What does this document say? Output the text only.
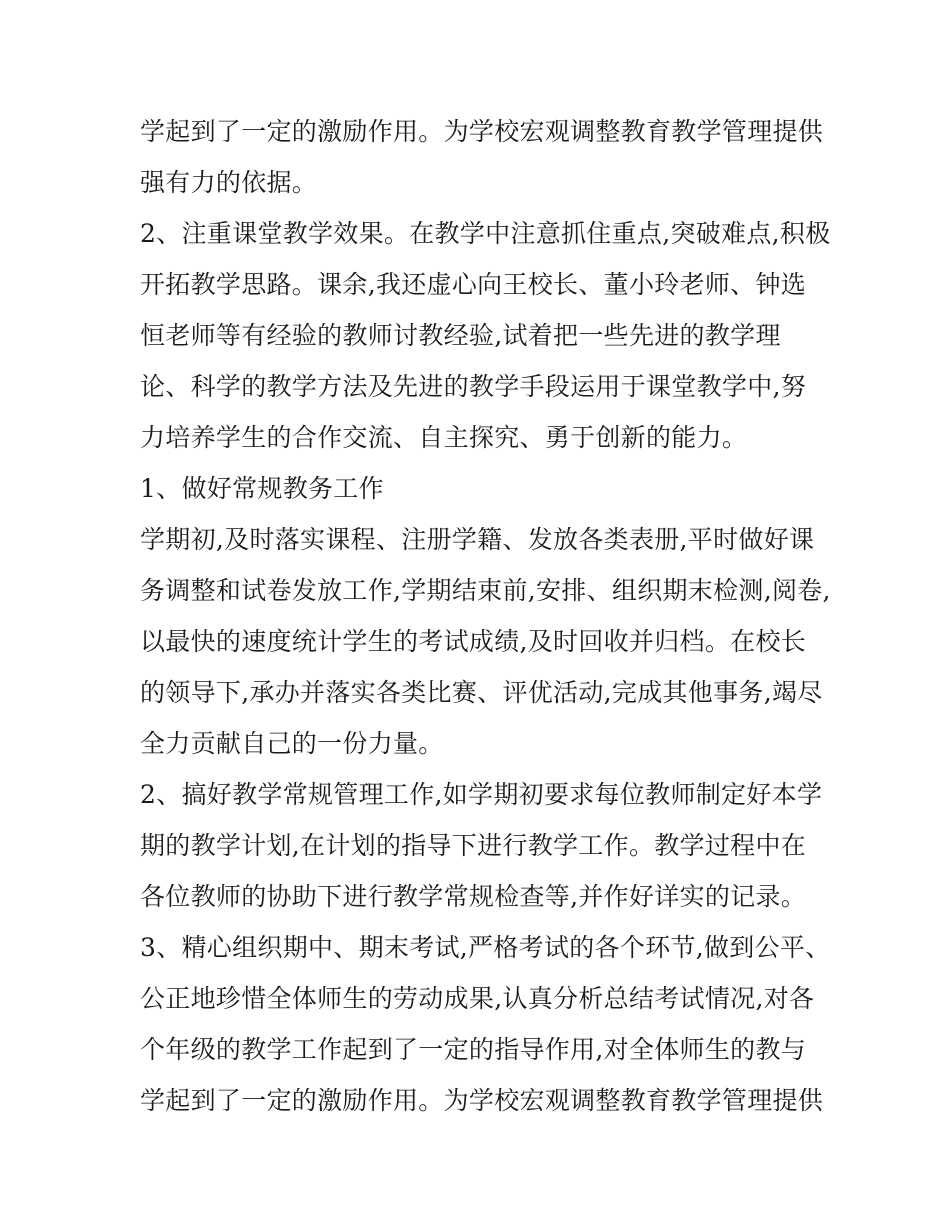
学起到了一定的激励作用。为学校宏观调整教育教学管理提供
强有力的依据。
2、注重课堂教学效果。在教学中注意抓住重点,突破难点,积极
开拓教学思路。课余,我还虚心向王校长、董小玲老师、钟选
恒老师等有经验的教师讨教经验,试着把一些先进的教学理
论、科学的教学方法及先进的教学手段运用于课堂教学中,努
力培养学生的合作交流、自主探究、勇于创新的能力。
1、做好常规教务工作
学期初,及时落实课程、注册学籍、发放各类表册,平时做好课
务调整和试卷发放工作,学期结束前,安排、组织期末检测,阅卷,
以最快的速度统计学生的考试成绩,及时回收并归档。在校长
的领导下,承办并落实各类比赛、评优活动,完成其他事务,竭尽
全力贡献自己的一份力量。
2、搞好教学常规管理工作,如学期初要求每位教师制定好本学
期的教学计划,在计划的指导下进行教学工作。教学过程中在
各位教师的协助下进行教学常规检查等,并作好详实的记录。
3、精心组织期中、期末考试,严格考试的各个环节,做到公平、
公正地珍惜全体师生的劳动成果,认真分析总结考试情况,对各
个年级的教学工作起到了一定的指导作用,对全体师生的教与
学起到了一定的激励作用。为学校宏观调整教育教学管理提供
